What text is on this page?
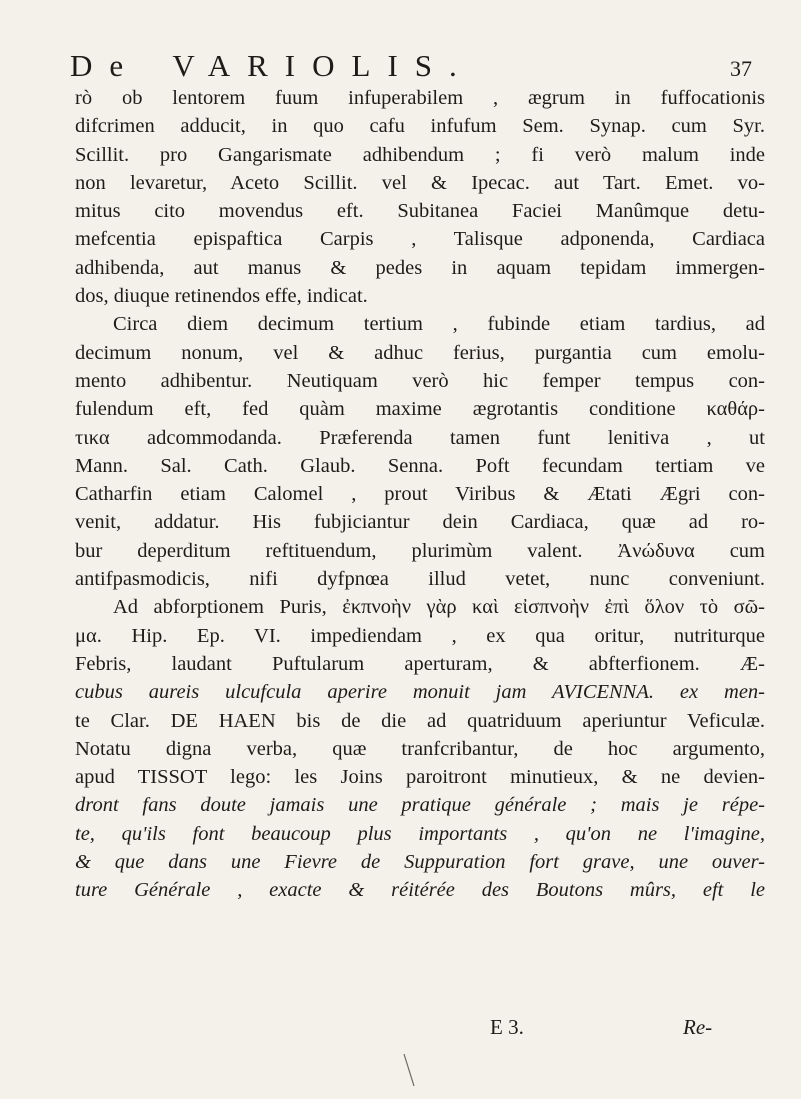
De VARIOLIS.	37
rò ob lentorem fuum infuperabilem , ægrum in fuffocationis
difcrimen adducit, in quo cafu infufum Sem. Synap. cum Syr.
Scillit. pro Gangarismate adhibendum ; fi verò malum inde
non levaretur, Aceto Scillit. vel & Ipecac. aut Tart. Emet. vo-
mitus cito movendus eft. Subitanea Faciei Manûmque detu-
mefcentia epispaftica Carpis , Talisque adponenda, Cardiaca
adhibenda, aut manus & pedes in aquam tepidam immergen-
dos, diuque retinendos effe, indicat.
Circa diem decimum tertium , fubinde etiam tardius, ad
decimum nonum, vel & adhuc ferius, purgantia cum emolu-
mento adhibentur. Neutiquam verò hic femper tempus con-
fulendum eft, fed quàm maxime ægrotantis conditione καθάρ-
τικα adcommodanda. Præferenda tamen funt lenitiva , ut
Mann. Sal. Cath. Glaub. Senna. Poft fecundam tertiam ve
Catharfin etiam Calomel , prout Viribus & Ætati Ægri con-
venit, addatur. His fubjiciantur dein Cardiaca, quæ ad ro-
bur deperditum reftituendum, plurimùm valent. Ἀνώδυνα cum
antifpasmodicis, nifi dyfpnœa illud vetet, nunc conveniunt.
Ad abforptionem Puris, ἐκπνοὴν γὰρ καὶ εἰσπνοὴν ἐπὶ ὅλον τὸ σῶ-
μα. Hip. Ep. VI. impediendam , ex qua oritur, nutriturque
Febris, laudant Puftularum aperturam, & abfterfionem. Æ-
cubus aureis ulcufcula aperire monuit jam AVICENNA. ex men-
te Clar. DE HAEN bis de die ad quatriduum aperiuntur Veficulæ.
Notatu digna verba, quæ tranfcribantur, de hoc argumento,
apud TISSOT lego: les Joins paroitront minutieux, & ne devien-
dront fans doute jamais une pratique générale ; mais je répe-
te, qu'ils font beaucoup plus importants , qu'on ne l'imagine,
& que dans une Fievre de Suppuration fort grave, une ouver-
ture Générale , exacte & réitérée des Boutons mûrs, eft le
E 3.	Re-
